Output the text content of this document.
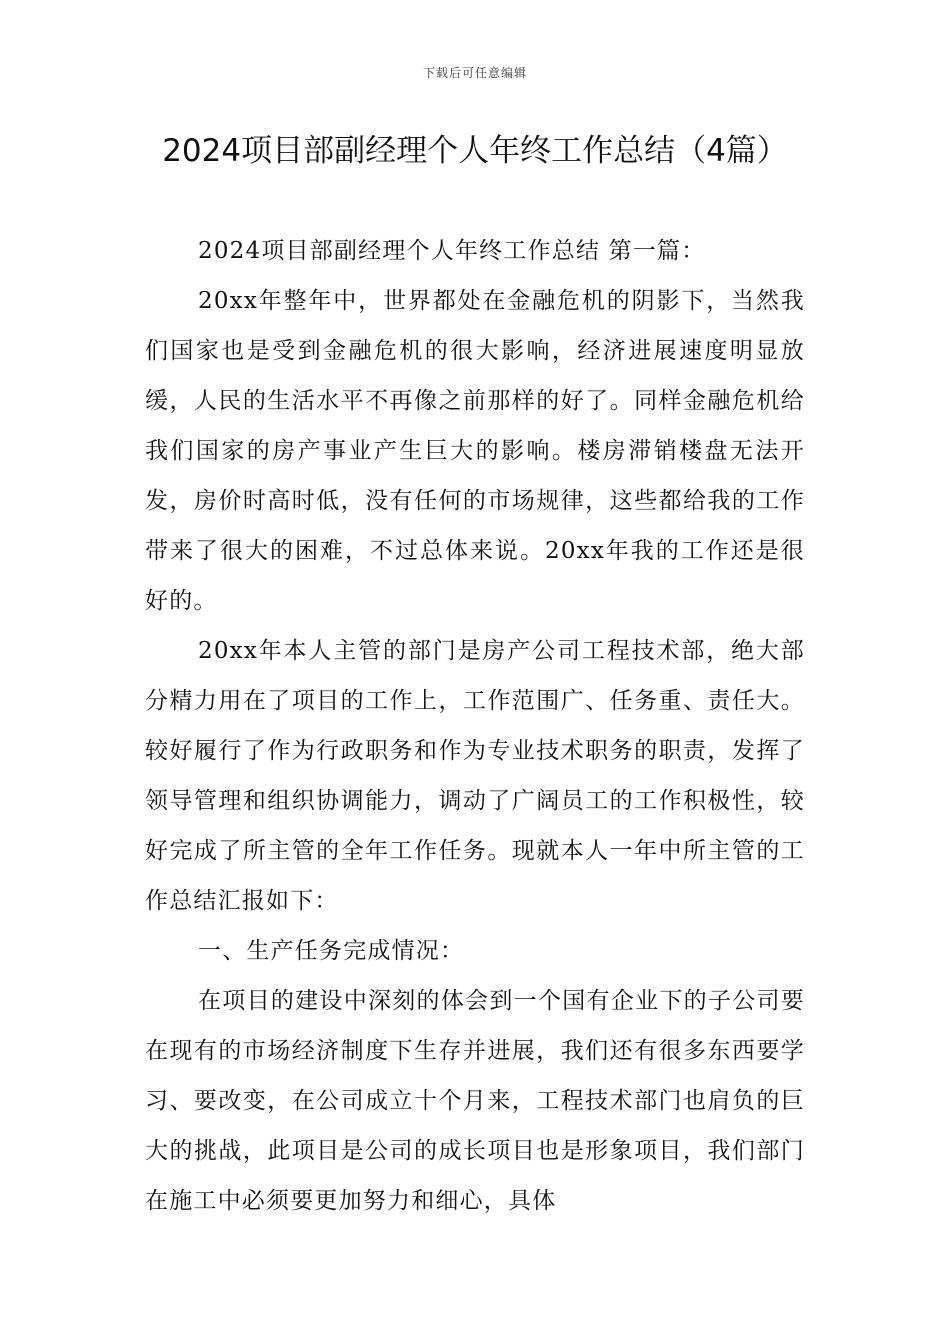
下载后可任意编辑
2024项目部副经理个人年终工作总结（4篇）

2024项目部副经理个人年终工作总结 第一篇：

20xx年整年中，世界都处在金融危机的阴影下，当然我们国家也是受到金融危机的很大影响，经济进展速度明显放缓，人民的生活水平不再像之前那样的好了。同样金融危机给我们国家的房产事业产生巨大的影响。楼房滞销楼盘无法开发，房价时高时低，没有任何的市场规律，这些都给我的工作带来了很大的困难，不过总体来说。20xx年我的工作还是很好的。

20xx年本人主管的部门是房产公司工程技术部，绝大部分精力用在了项目的工作上，工作范围广、任务重、责任大。较好履行了作为行政职务和作为专业技术职务的职责，发挥了领导管理和组织协调能力，调动了广阔员工的工作积极性，较好完成了所主管的全年工作任务。现就本人一年中所主管的工作总结汇报如下：

一、生产任务完成情况：

在项目的建设中深刻的体会到一个国有企业下的子公司要在现有的市场经济制度下生存并进展，我们还有很多东西要学习、要改变，在公司成立十个月来，工程技术部门也肩负的巨大的挑战，此项目是公司的成长项目也是形象项目，我们部门在施工中必须要更加努力和细心，具体
